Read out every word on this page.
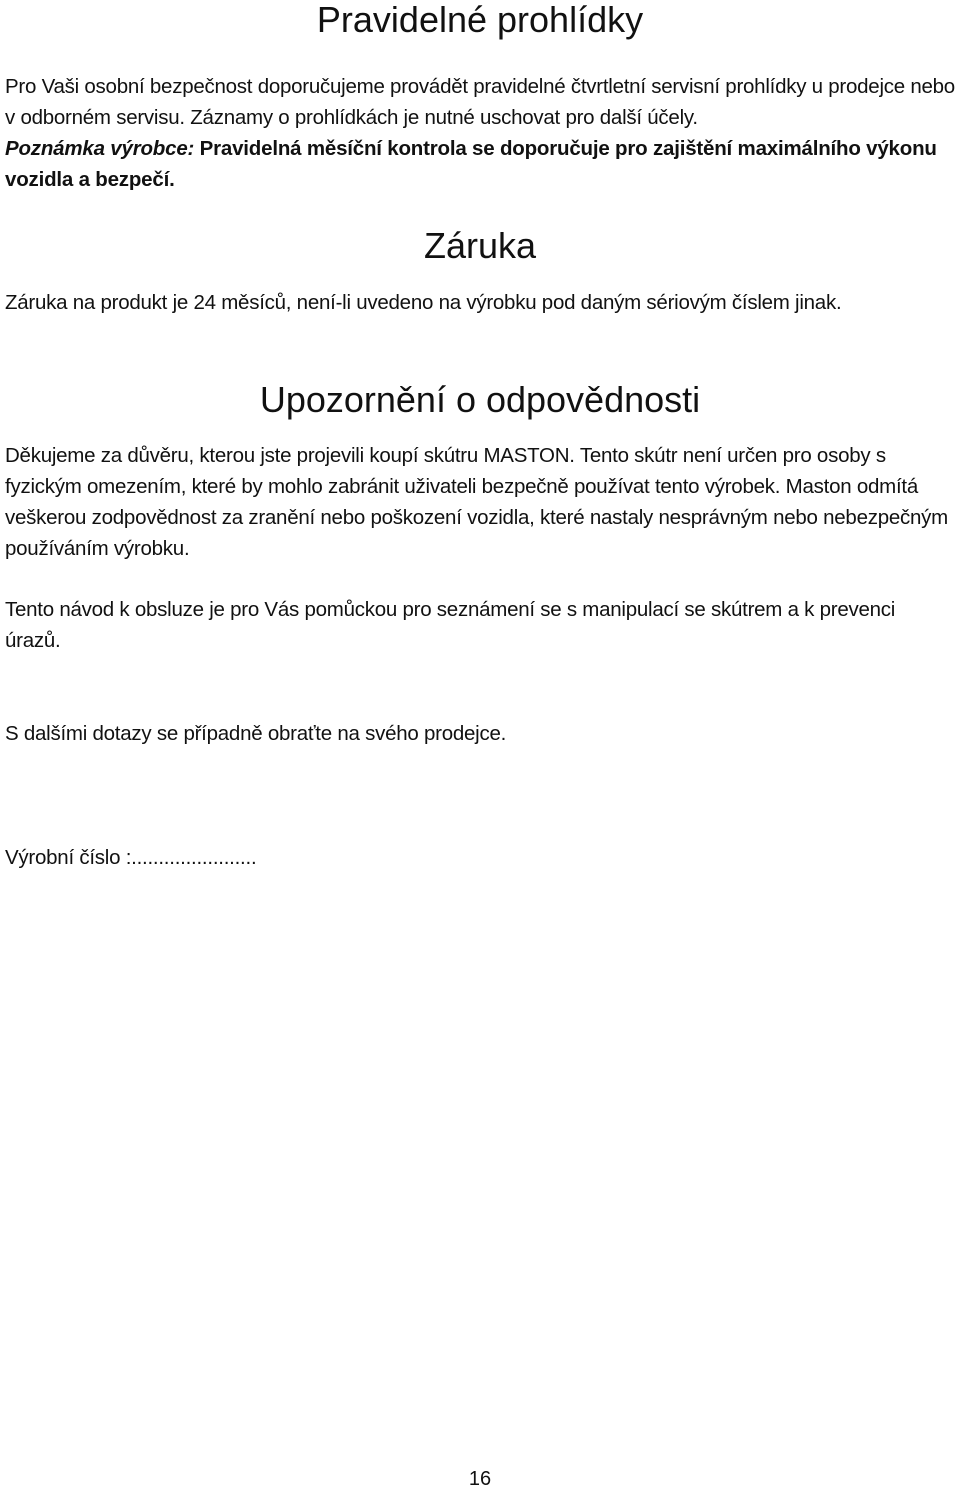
Pravidelné prohlídky

Pro Vaši osobní bezpečnost doporučujeme provádět pravidelné čtvrtletní servisní prohlídky u prodejce nebo v odborném servisu. Záznamy o prohlídkách je nutné uschovat pro další účely.

Poznámka výrobce: Pravidelná měsíční kontrola se doporučuje pro zajištění maximálního výkonu vozidla a bezpečí.

Záruka

Záruka na produkt je 24 měsíců, není-li uvedeno na výrobku pod daným sériovým číslem jinak.

Upozornění o odpovědnosti

Děkujeme za důvěru, kterou jste projevili koupí skútru MASTON. Tento skútr není určen pro osoby s fyzickým omezením, které by mohlo zabránit uživateli bezpečně používat tento výrobek. Maston odmítá veškerou zodpovědnost za zranění nebo poškození vozidla, které nastaly nesprávným nebo nebezpečným používáním výrobku.

Tento návod k obsluze je pro Vás pomůckou pro seznámení se s manipulací se skútrem a k prevenci úrazů.

S dalšími dotazy se případně obraťte na svého prodejce.

Výrobní číslo :.......................

16
